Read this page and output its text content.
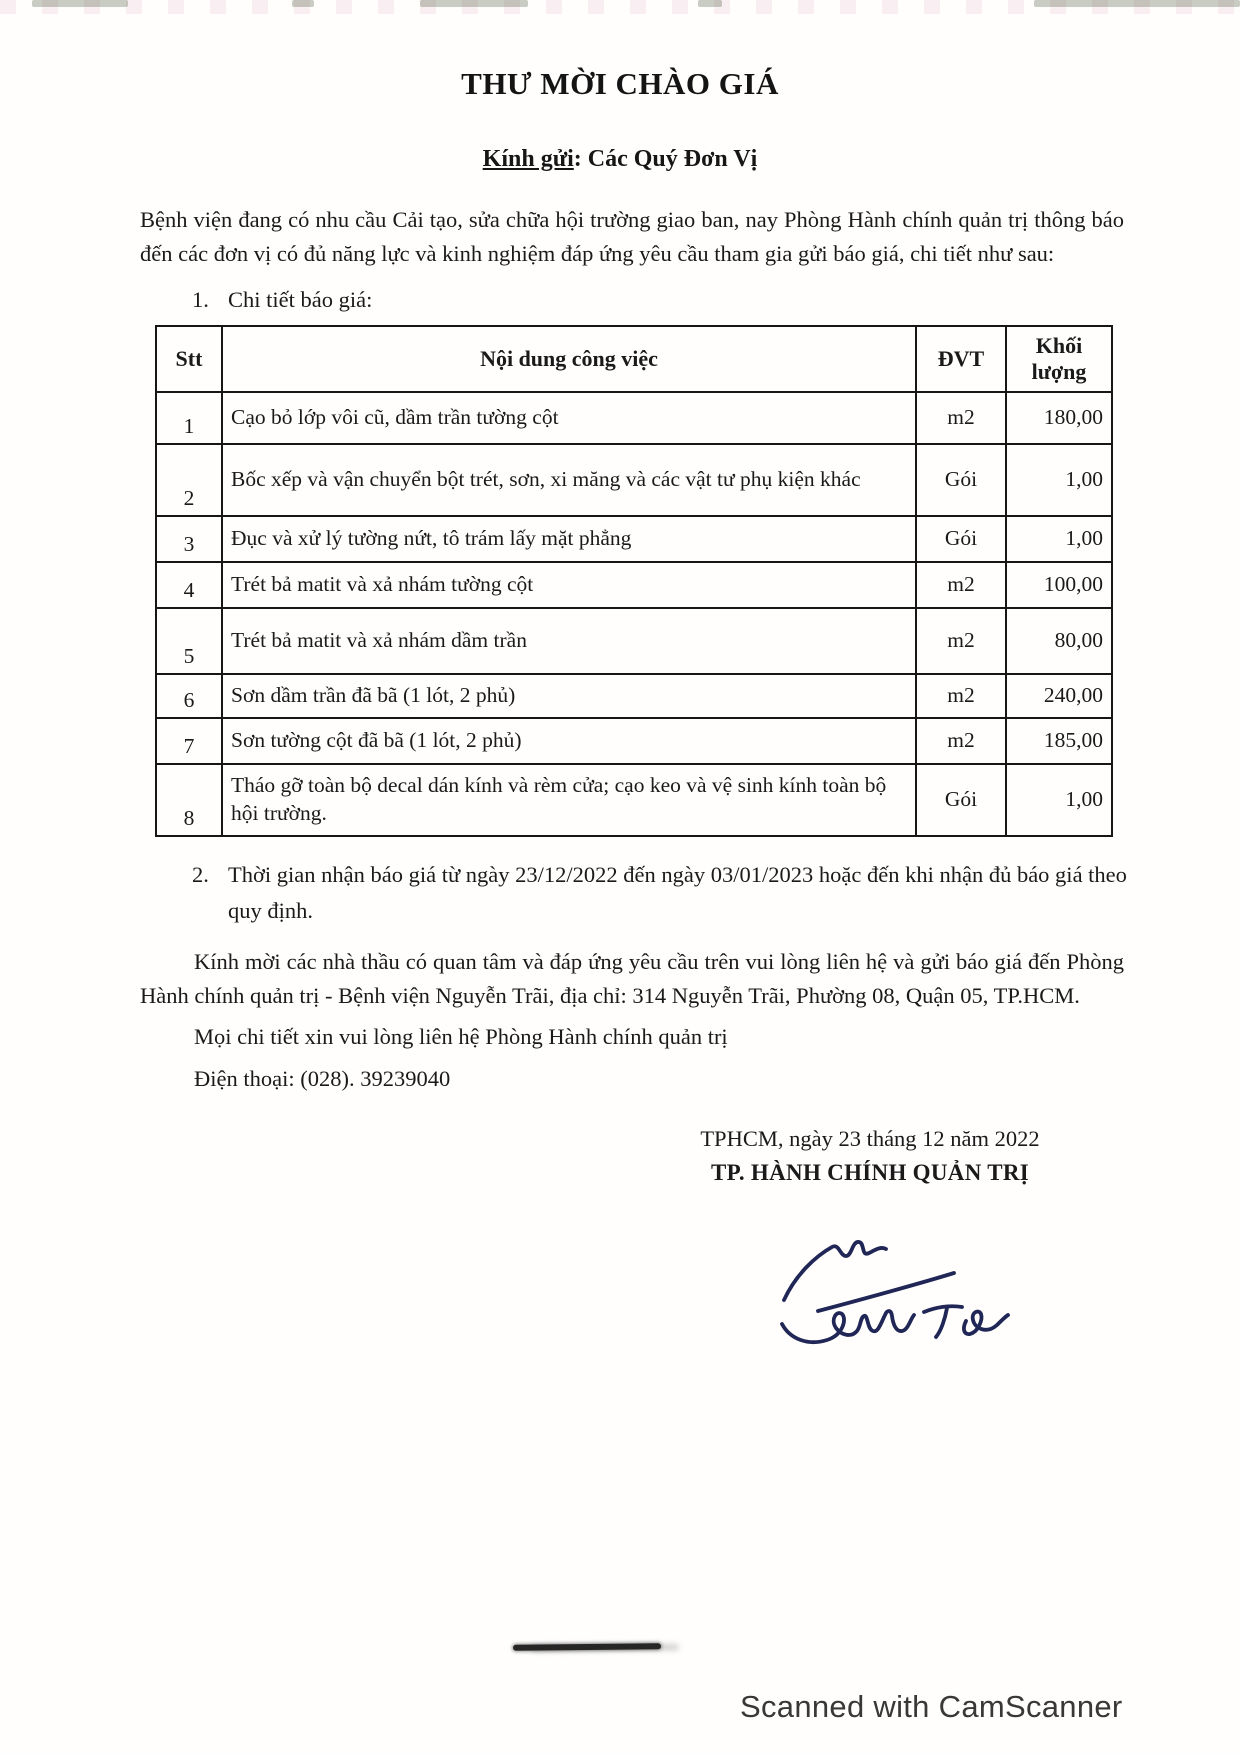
THƯ MỜI CHÀO GIÁ
Kính gửi: Các Quý Đơn Vị
Bệnh viện đang có nhu cầu Cải tạo, sửa chữa hội trường giao ban, nay Phòng Hành chính quản trị thông báo đến các đơn vị có đủ năng lực và kinh nghiệm đáp ứng yêu cầu tham gia gửi báo giá, chi tiết như sau:
1. Chi tiết báo giá:
Stt	Nội dung công việc	ĐVT	Khối lượng
1	Cạo bỏ lớp vôi cũ, dầm trần tường cột	m2	180,00
2	Bốc xếp và vận chuyển bột trét, sơn, xi măng và các vật tư phụ kiện khác	Gói	1,00
3	Đục và xử lý tường nứt, tô trám lấy mặt phẳng	Gói	1,00
4	Trét bả matit và xả nhám tường cột	m2	100,00
5	Trét bả matit và xả nhám dầm trần	m2	80,00
6	Sơn dầm trần đã bã (1 lót, 2 phủ)	m2	240,00
7	Sơn tường cột đã bã (1 lót, 2 phủ)	m2	185,00
8	Tháo gỡ toàn bộ decal dán kính và rèm cửa; cạo keo và vệ sinh kính toàn bộ hội trường.	Gói	1,00
2. Thời gian nhận báo giá từ ngày 23/12/2022 đến ngày 03/01/2023 hoặc đến khi nhận đủ báo giá theo quy định.
Kính mời các nhà thầu có quan tâm và đáp ứng yêu cầu trên vui lòng liên hệ và gửi báo giá đến Phòng Hành chính quản trị - Bệnh viện Nguyễn Trãi, địa chỉ: 314 Nguyễn Trãi, Phường 08, Quận 05, TP.HCM.
Mọi chi tiết xin vui lòng liên hệ Phòng Hành chính quản trị
Điện thoại: (028). 39239040
TPHCM, ngày 23 tháng 12 năm 2022
TP. HÀNH CHÍNH QUẢN TRỊ
Scanned with CamScanner
